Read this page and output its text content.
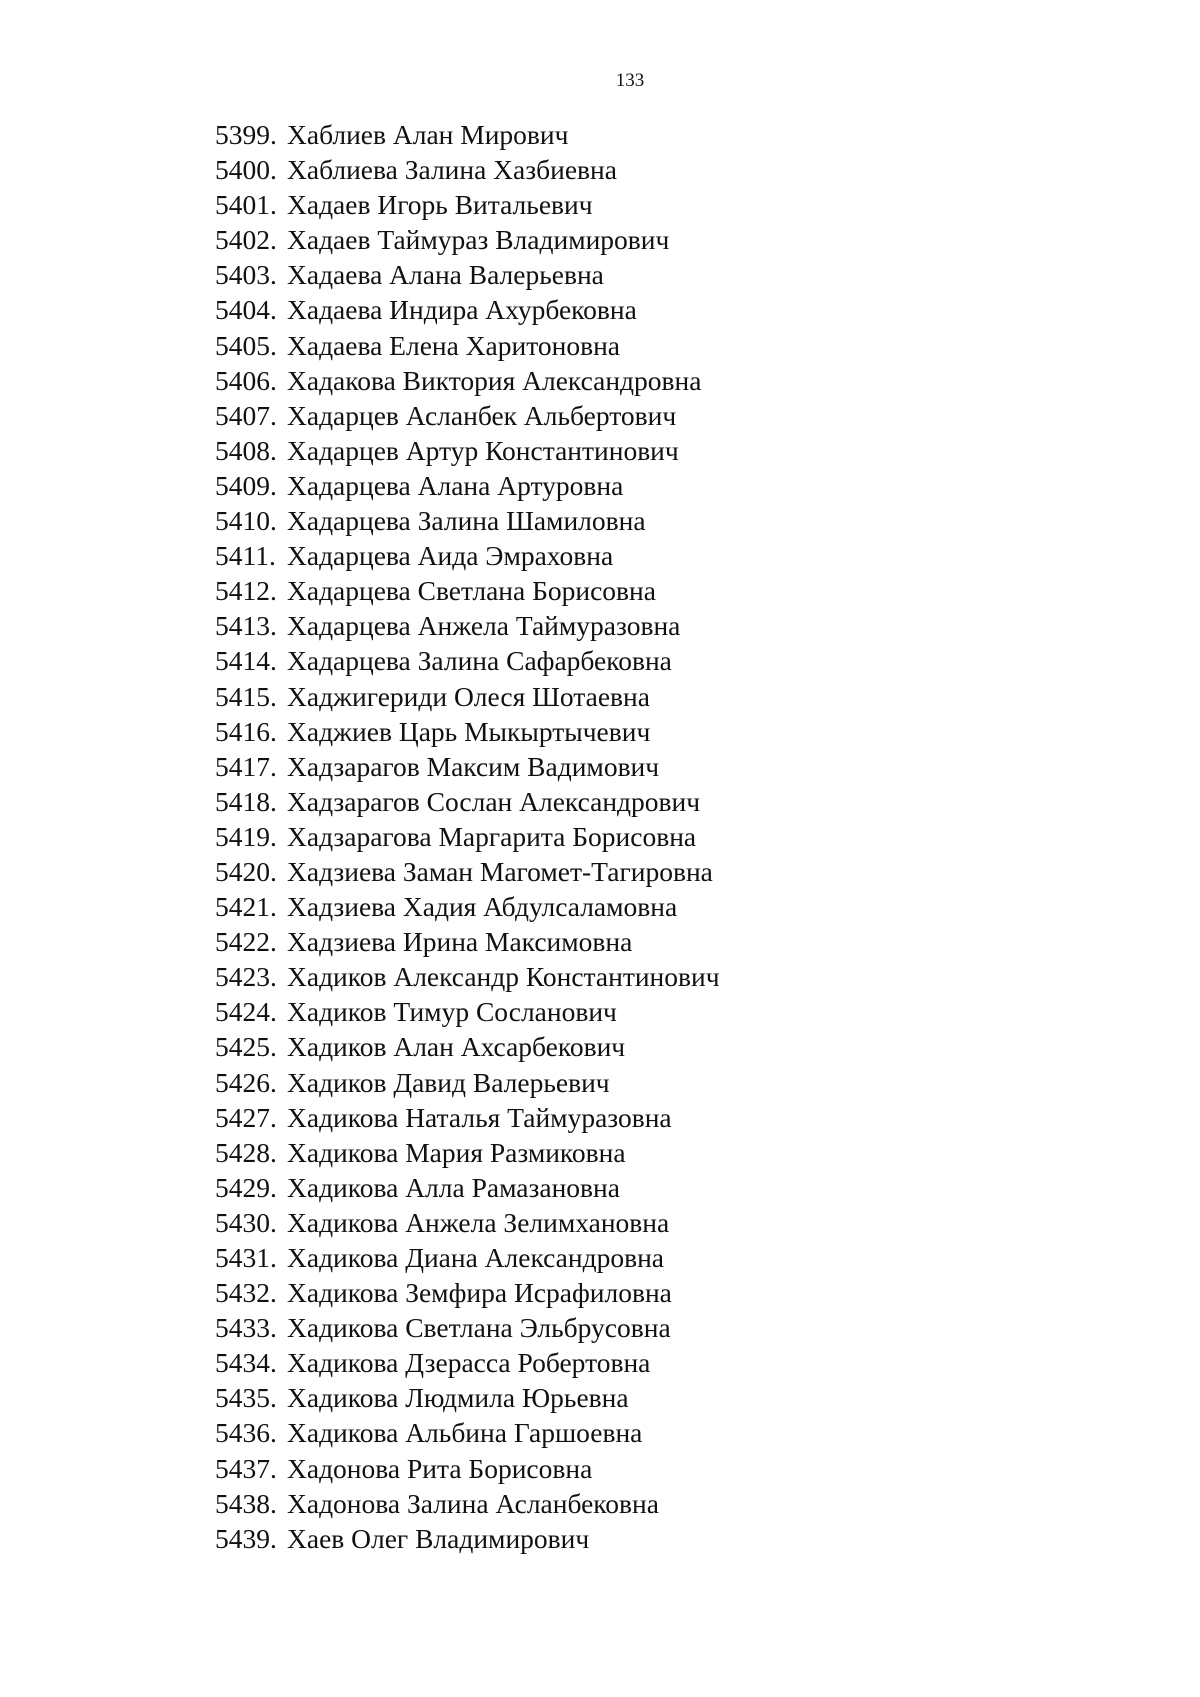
133
5399. Хаблиев Алан Мирович
5400. Хаблиева Залина Хазбиевна
5401. Хадаев Игорь Витальевич
5402. Хадаев Таймураз Владимирович
5403. Хадаева Алана Валерьевна
5404. Хадаева Индира Ахурбековна
5405. Хадаева Елена Харитоновна
5406. Хадакова Виктория Александровна
5407. Хадарцев Асланбек Альбертович
5408. Хадарцев Артур Константинович
5409. Хадарцева Алана Артуровна
5410. Хадарцева Залина Шамиловна
5411. Хадарцева Аида Эмраховна
5412. Хадарцева Светлана Борисовна
5413. Хадарцева Анжела Таймуразовна
5414. Хадарцева Залина Сафарбековна
5415. Хаджигериди Олеся Шотаевна
5416. Хаджиев Царь Мыкыртычевич
5417. Хадзарагов Максим Вадимович
5418. Хадзарагов Сослан Александрович
5419. Хадзарагова Маргарита Борисовна
5420. Хадзиева Заман Магомет-Тагировна
5421. Хадзиева Хадия Абдулсаламовна
5422. Хадзиева Ирина Максимовна
5423. Хадиков Александр Константинович
5424. Хадиков Тимур Сосланович
5425. Хадиков Алан Ахсарбекович
5426. Хадиков Давид Валерьевич
5427. Хадикова Наталья Таймуразовна
5428. Хадикова Мария Размиковна
5429. Хадикова Алла Рамазановна
5430. Хадикова Анжела Зелимхановна
5431. Хадикова Диана Александровна
5432. Хадикова Земфира Исрафиловна
5433. Хадикова Светлана Эльбрусовна
5434. Хадикова Дзерасса Робертовна
5435. Хадикова Людмила Юрьевна
5436. Хадикова Альбина Гаршоевна
5437. Хадонова Рита Борисовна
5438. Хадонова Залина Асланбековна
5439. Хаев Олег Владимирович
